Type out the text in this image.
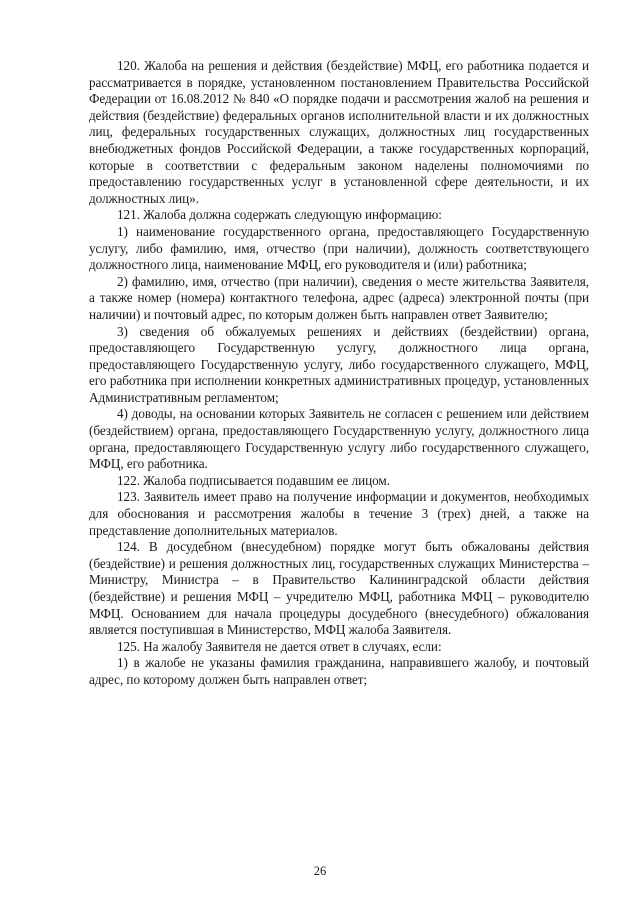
120. Жалоба на решения и действия (бездействие) МФЦ, его работника подается и рассматривается в порядке, установленном постановлением Правительства Российской Федерации от 16.08.2012 № 840 «О порядке подачи и рассмотрения жалоб на решения и действия (бездействие) федеральных органов исполнительной власти и их должностных лиц, федеральных государственных служащих, должностных лиц государственных внебюджетных фондов Российской Федерации, а также государственных корпораций, которые в соответствии с федеральным законом наделены полномочиями по предоставлению государственных услуг в установленной сфере деятельности, и их должностных лиц».

121. Жалоба должна содержать следующую информацию:

1) наименование государственного органа, предоставляющего Государственную услугу, либо фамилию, имя, отчество (при наличии), должность соответствующего должностного лица, наименование МФЦ, его руководителя и (или) работника;

2) фамилию, имя, отчество (при наличии), сведения о месте жительства Заявителя, а также номер (номера) контактного телефона, адрес (адреса) электронной почты (при наличии) и почтовый адрес, по которым должен быть направлен ответ Заявителю;

3) сведения об обжалуемых решениях и действиях (бездействии) органа, предоставляющего Государственную услугу, должностного лица органа, предоставляющего Государственную услугу, либо государственного служащего, МФЦ, его работника при исполнении конкретных административных процедур, установленных Административным регламентом;

4) доводы, на основании которых Заявитель не согласен с решением или действием (бездействием) органа, предоставляющего Государственную услугу, должностного лица органа, предоставляющего Государственную услугу либо государственного служащего, МФЦ, его работника.

122. Жалоба подписывается подавшим ее лицом.

123. Заявитель имеет право на получение информации и документов, необходимых для обоснования и рассмотрения жалобы в течение 3 (трех) дней, а также на представление дополнительных материалов.

124. В досудебном (внесудебном) порядке могут быть обжалованы действия (бездействие) и решения должностных лиц, государственных служащих Министерства – Министру, Министра – в Правительство Калининградской области действия (бездействие) и решения МФЦ – учредителю МФЦ, работника МФЦ – руководителю МФЦ. Основанием для начала процедуры досудебного (внесудебного) обжалования является поступившая в Министерство, МФЦ жалоба Заявителя.

125. На жалобу Заявителя не дается ответ в случаях, если:

1) в жалобе не указаны фамилия гражданина, направившего жалобу, и почтовый адрес, по которому должен быть направлен ответ;

26
